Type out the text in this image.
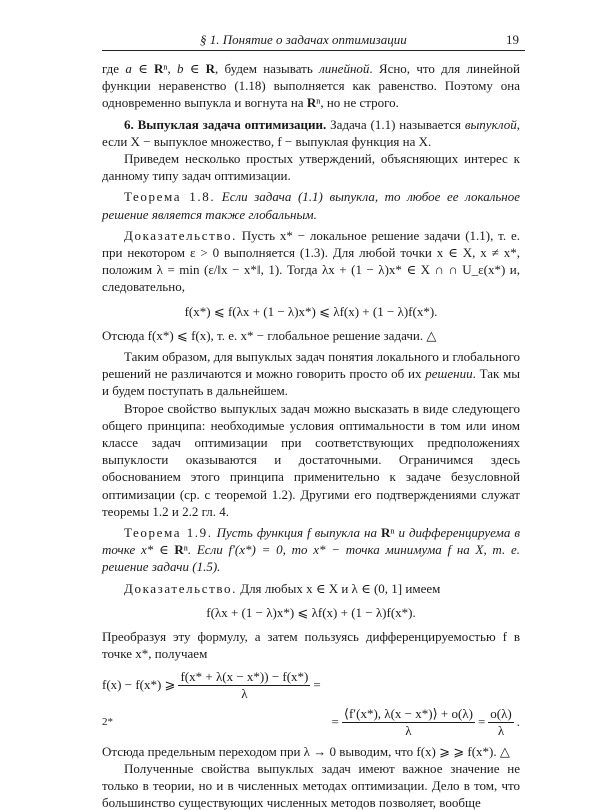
§ 1. Понятие о задачах оптимизации	19

где a ∈ Rⁿ, b ∈ R, будем называть линейной. Ясно, что для линейной функции неравенство (1.18) выполняется как равенство. Поэтому она одновременно выпукла и вогнута на Rⁿ, но не строго.

6. Выпуклая задача оптимизации. Задача (1.1) называется выпуклой, если X − выпуклое множество, f − выпуклая функция на X.

Приведем несколько простых утверждений, объясняющих интерес к данному типу задач оптимизации.

Теорема 1.8. Если задача (1.1) выпукла, то любое ее локальное решение является также глобальным.

Доказательство. Пусть x* − локальное решение задачи (1.1), т. е. при некотором ε > 0 выполняется (1.3). Для любой точки x ∈ X, x ≠ x*, положим λ = min (ε/‖x − x*‖, 1). Тогда λx + (1 − λ)x* ∈ X ∩ ∩ U_ε(x*) и, следовательно,

f(x*) ⩽ f(λx + (1 − λ)x*) ⩽ λf(x) + (1 − λ)f(x*).

Отсюда f(x*) ⩽ f(x), т. е. x* − глобальное решение задачи. △

Таким образом, для выпуклых задач понятия локального и глобального решений не различаются и можно говорить просто об их решении. Так мы и будем поступать в дальнейшем.

Второе свойство выпуклых задач можно высказать в виде следующего общего принципа: необходимые условия оптимальности в том или ином классе задач оптимизации при соответствующих предположениях выпуклости оказываются и достаточными. Ограничимся здесь обоснованием этого принципа применительно к задаче безусловной оптимизации (ср. с теоремой 1.2). Другими его подтверждениями служат теоремы 1.2 и 2.2 гл. 4.

Теорема 1.9. Пусть функция f выпукла на Rⁿ и дифференцируема в точке x* ∈ Rⁿ. Если f′(x*) = 0, то x* − точка минимума f на X, т. е. решение задачи (1.5).

Доказательство. Для любых x ∈ X и λ ∈ (0, 1] имеем

f(λx + (1 − λ)x*) ⩽ λf(x) + (1 − λ)f(x*).

Преобразуя эту формулу, а затем пользуясь дифференцируемостью f в точке x*, получаем

f(x) − f(x*) ⩾ $\frac{f(x* + \lambda(x - x*)) - f(x*)}{\lambda}$ =
= $\frac{⟨f'(x*), \lambda(x - x*)⟩ + o(\lambda)}{\lambda} = \frac{o(\lambda)}{\lambda}$ .

Отсюда предельным переходом при λ → 0 выводим, что f(x) ⩾ ⩾ f(x*). △

Полученные свойства выпуклых задач имеют важное значение не только в теории, но и в численных методах оптимизации. Дело в том, что большинство существующих численных методов позволяет, вообще

2*
